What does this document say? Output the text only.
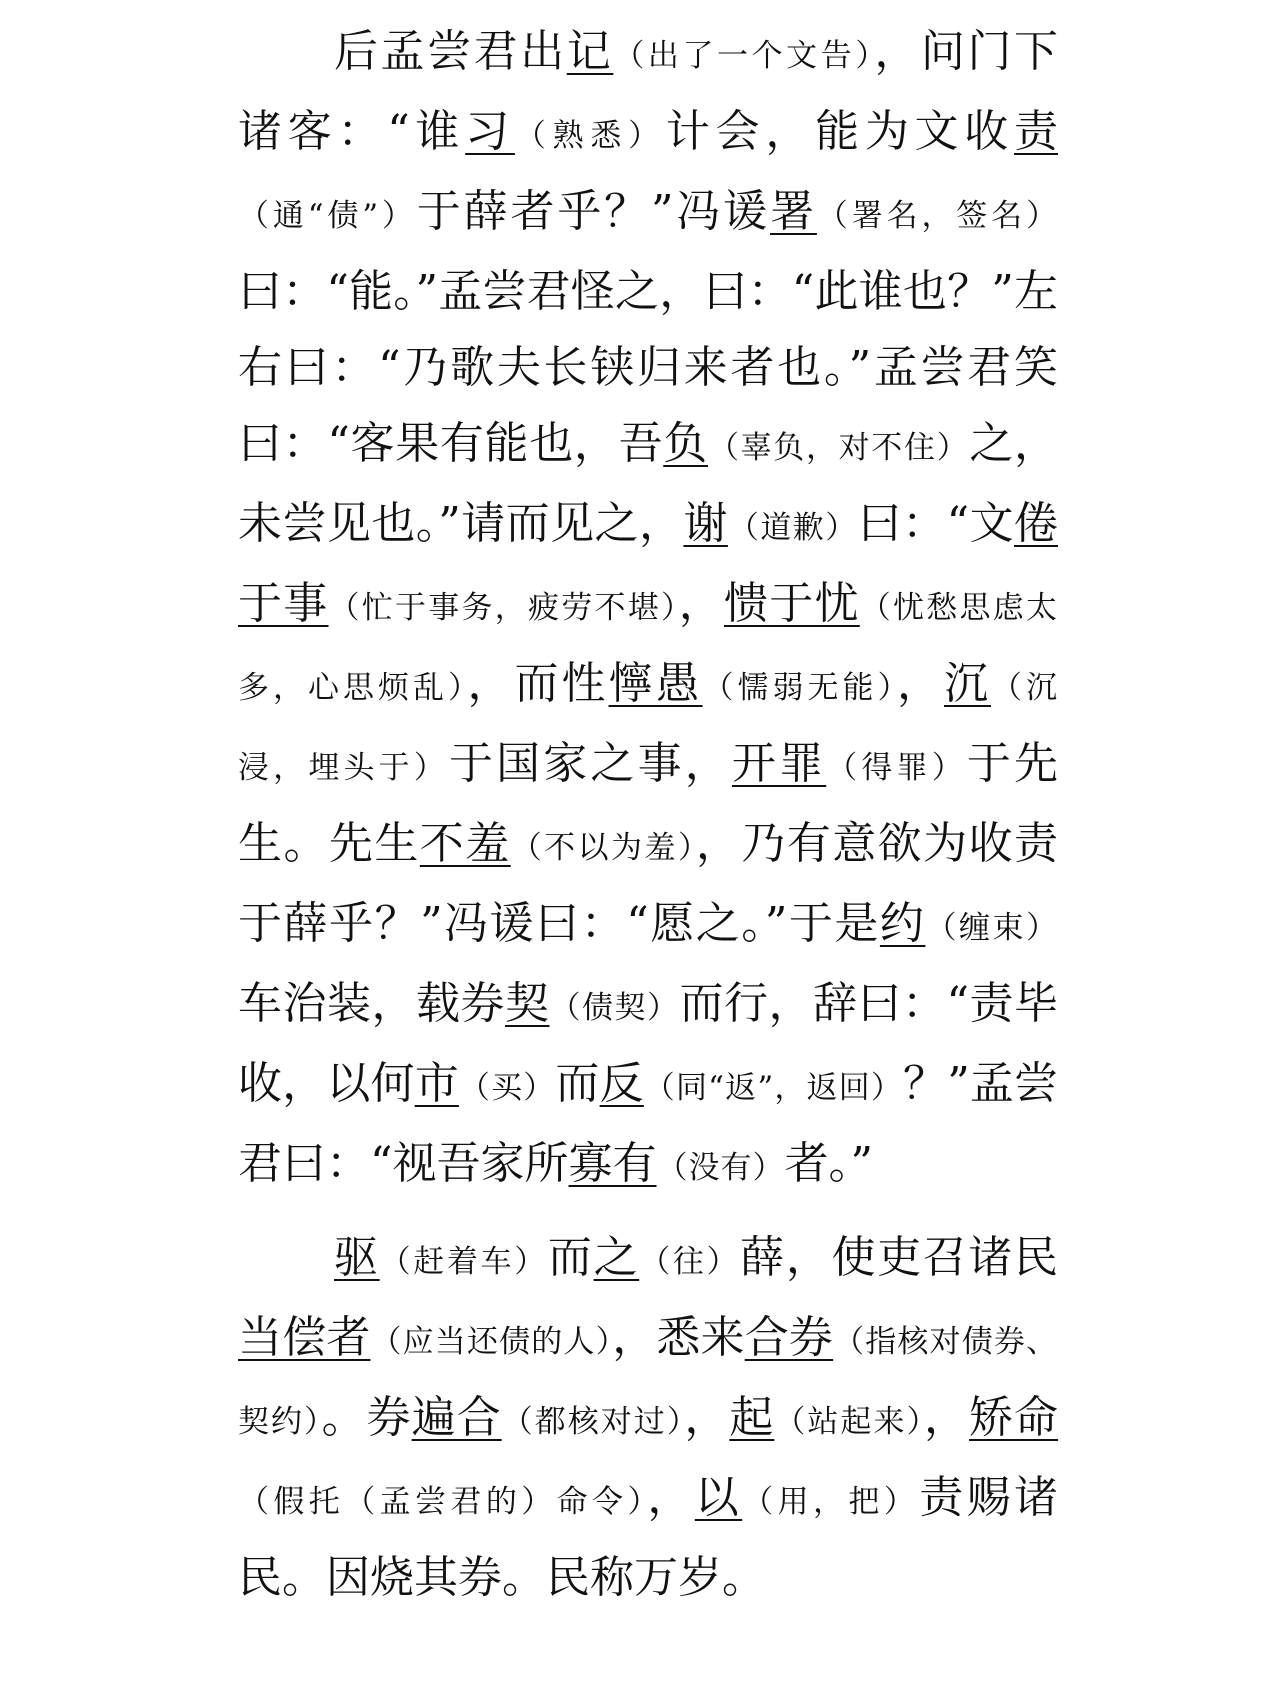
后孟尝君出记（出了一个文告），问门下诸客：“谁习（熟悉）计会，能为文收责（通“债”）于薛者乎？”冯谖署（署名，签名）曰：“能。”孟尝君怪之，曰：“此谁也？”左右曰：“乃歌夫长铗归来者也。”孟尝君笑曰：“客果有能也，吾负（辜负，对不住）之，未尝见也。”请而见之，谢（道歉）曰：“文倦于事（忙于事务，疲劳不堪），愦于忧（忧愁思虑太多，心思烦乱），而性懧愚（懦弱无能），沉（沉浸，埋头于）于国家之事，开罪（得罪）于先生。先生不羞（不以为羞），乃有意欲为收责于薛乎？”冯谖曰：“愿之。”于是约（缠束）车治装，载券契（债契）而行，辞曰：“责毕收，以何市（买）而反（同“返”，返回）？”孟尝君曰：“视吾家所寡有（没有）者。”

驱（赶着车）而之（往）薛，使吏召诸民当偿者（应当还债的人），悉来合券（指核对债券、契约）。券遍合（都核对过），起（站起来），矫命（假托（孟尝君的）命令），以（用，把）责赐诸民。因烧其券。民称万岁。
